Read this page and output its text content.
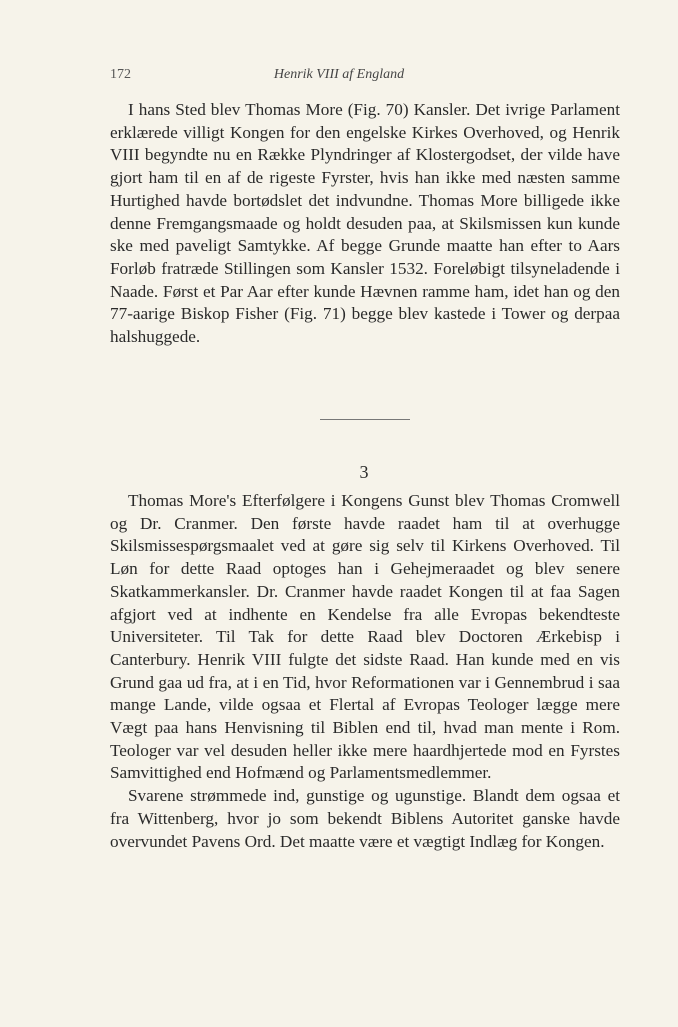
172	Henrik VIII af England

I hans Sted blev Thomas More (Fig. 70) Kansler. Det ivrige Parlament erklærede villigt Kongen for den engelske Kirkes Overhoved, og Henrik VIII begyndte nu en Række Plyndringer af Klostergodset, der vilde have gjort ham til en af de rigeste Fyrster, hvis han ikke med næsten samme Hurtighed havde bortødslet det indvundne. Thomas More billigede ikke denne Fremgangsmaade og holdt desuden paa, at Skilsmissen kun kunde ske med paveligt Samtykke. Af begge Grunde maatte han efter to Aars Forløb fratræde Stillingen som Kansler 1532. Foreløbigt tilsyneladende i Naade. Først et Par Aar efter kunde Hævnen ramme ham, idet han og den 77-aarige Biskop Fisher (Fig. 71) begge blev kastede i Tower og derpaa halshuggede.

3

Thomas More's Efterfølgere i Kongens Gunst blev Thomas Cromwell og Dr. Cranmer. Den første havde raadet ham til at overhugge Skilsmissespørgsmaalet ved at gøre sig selv til Kirkens Overhoved. Til Løn for dette Raad optoges han i Gehejmeraadet og blev senere Skatkammerkansler. Dr. Cranmer havde raadet Kongen til at faa Sagen afgjort ved at indhente en Kendelse fra alle Evropas bekendteste Universiteter. Til Tak for dette Raad blev Doctoren Ærkebisp i Canterbury. Henrik VIII fulgte det sidste Raad. Han kunde med en vis Grund gaa ud fra, at i en Tid, hvor Reformationen var i Gennembrud i saa mange Lande, vilde ogsaa et Flertal af Evropas Teologer lægge mere Vægt paa hans Henvisning til Biblen end til, hvad man mente i Rom. Teologer var vel desuden heller ikke mere haardhjertede mod en Fyrstes Samvittighed end Hofmænd og Parlamentsmedlemmer.

Svarene strømmede ind, gunstige og ugunstige. Blandt dem ogsaa et fra Wittenberg, hvor jo som bekendt Biblens Autoritet ganske havde overvundet Pavens Ord. Det maatte være et vægtigt Indlæg for Kongen.
